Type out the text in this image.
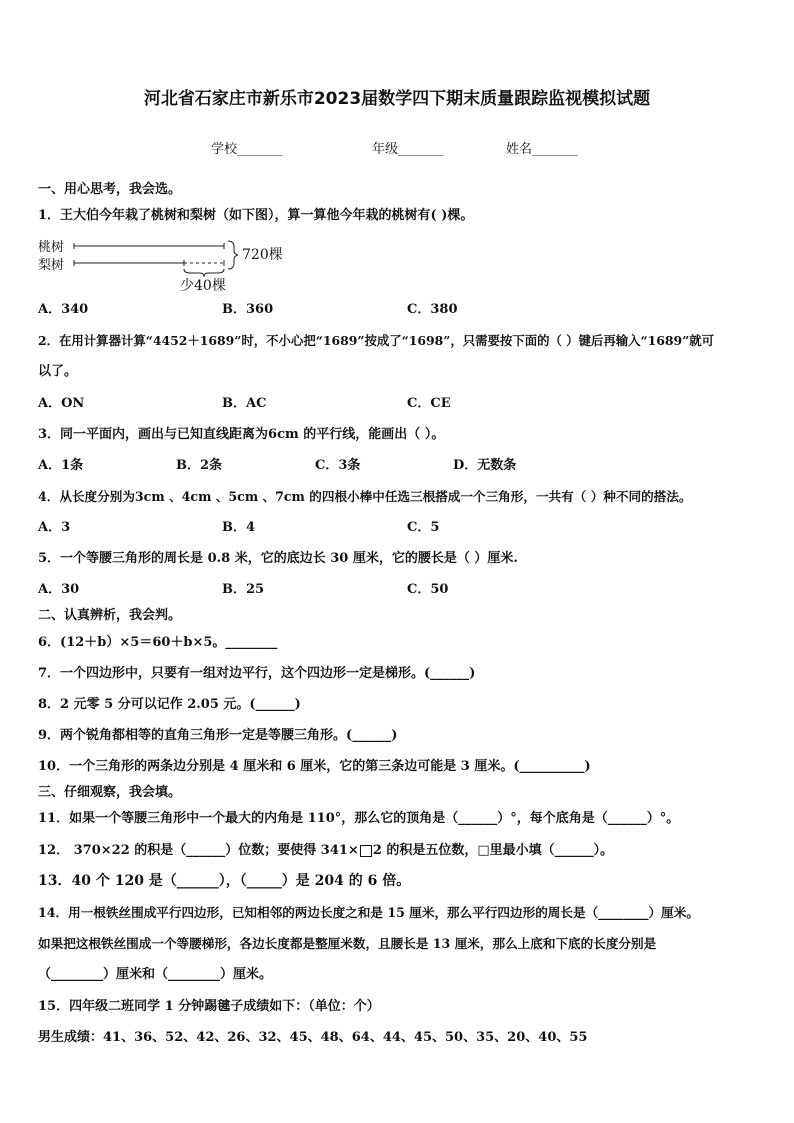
河北省石家庄市新乐市2023届数学四下期末质量跟踪监视模拟试题
学校_______	年级_______	姓名_______
一、用心思考，我会选。
1．王大伯今年栽了桃树和梨树（如下图），算一算他今年栽的桃树有( )棵。
桃树
梨树
720棵
少40棵
A．340	B．360	C．380
2．在用计算器计算“4452＋1689”时，不小心把“1689”按成了“1698”，只需要按下面的（ ）键后再输入“1689”就可
以了。
A．ON	B．AC	C．CE
3．同一平面内，画出与已知直线距离为6cm 的平行线，能画出（ ）。
A．1条	B．2条	C．3条	D．无数条
4．从长度分别为3cm 、4cm 、5cm 、7cm 的四根小棒中任选三根搭成一个三角形，一共有（ ）种不同的搭法。
A．3	B．4	C．5
5．一个等腰三角形的周长是 0.8 米，它的底边长 30 厘米，它的腰长是（ ）厘米.
A．30	B．25	C．50
二、认真辨析，我会判。
6．(12＋b）×5＝60＋b×5。________
7．一个四边形中，只要有一组对边平行，这个四边形一定是梯形。(______)
8．2 元零 5 分可以记作 2.05 元。(______)
9．两个锐角都相等的直角三角形一定是等腰三角形。(______)
10．一个三角形的两条边分别是 4 厘米和 6 厘米，它的第三条边可能是 3 厘米。(__________)
三、仔细观察，我会填。
11．如果一个等腰三角形中一个最大的内角是 110°，那么它的顶角是（______）°，每个底角是（______）°。
12． 370×22 的积是（______）位数；要使得 341× 2 的积是五位数，□里最小填（______）。
13．40 个 120 是（______），（_____）是 204 的 6 倍。
14．用一根铁丝围成平行四边形，已知相邻的两边长度之和是 15 厘米，那么平行四边形的周长是（________）厘米。
如果把这根铁丝围成一个等腰梯形，各边长度都是整厘米数，且腰长是 13 厘米，那么上底和下底的长度分别是
（________）厘米和（________）厘米。
15．四年级二班同学 1 分钟踢毽子成绩如下：（单位：个）
男生成绩：41、36、52、42、26、32、45、48、64、44、45、50、35、20、40、55
